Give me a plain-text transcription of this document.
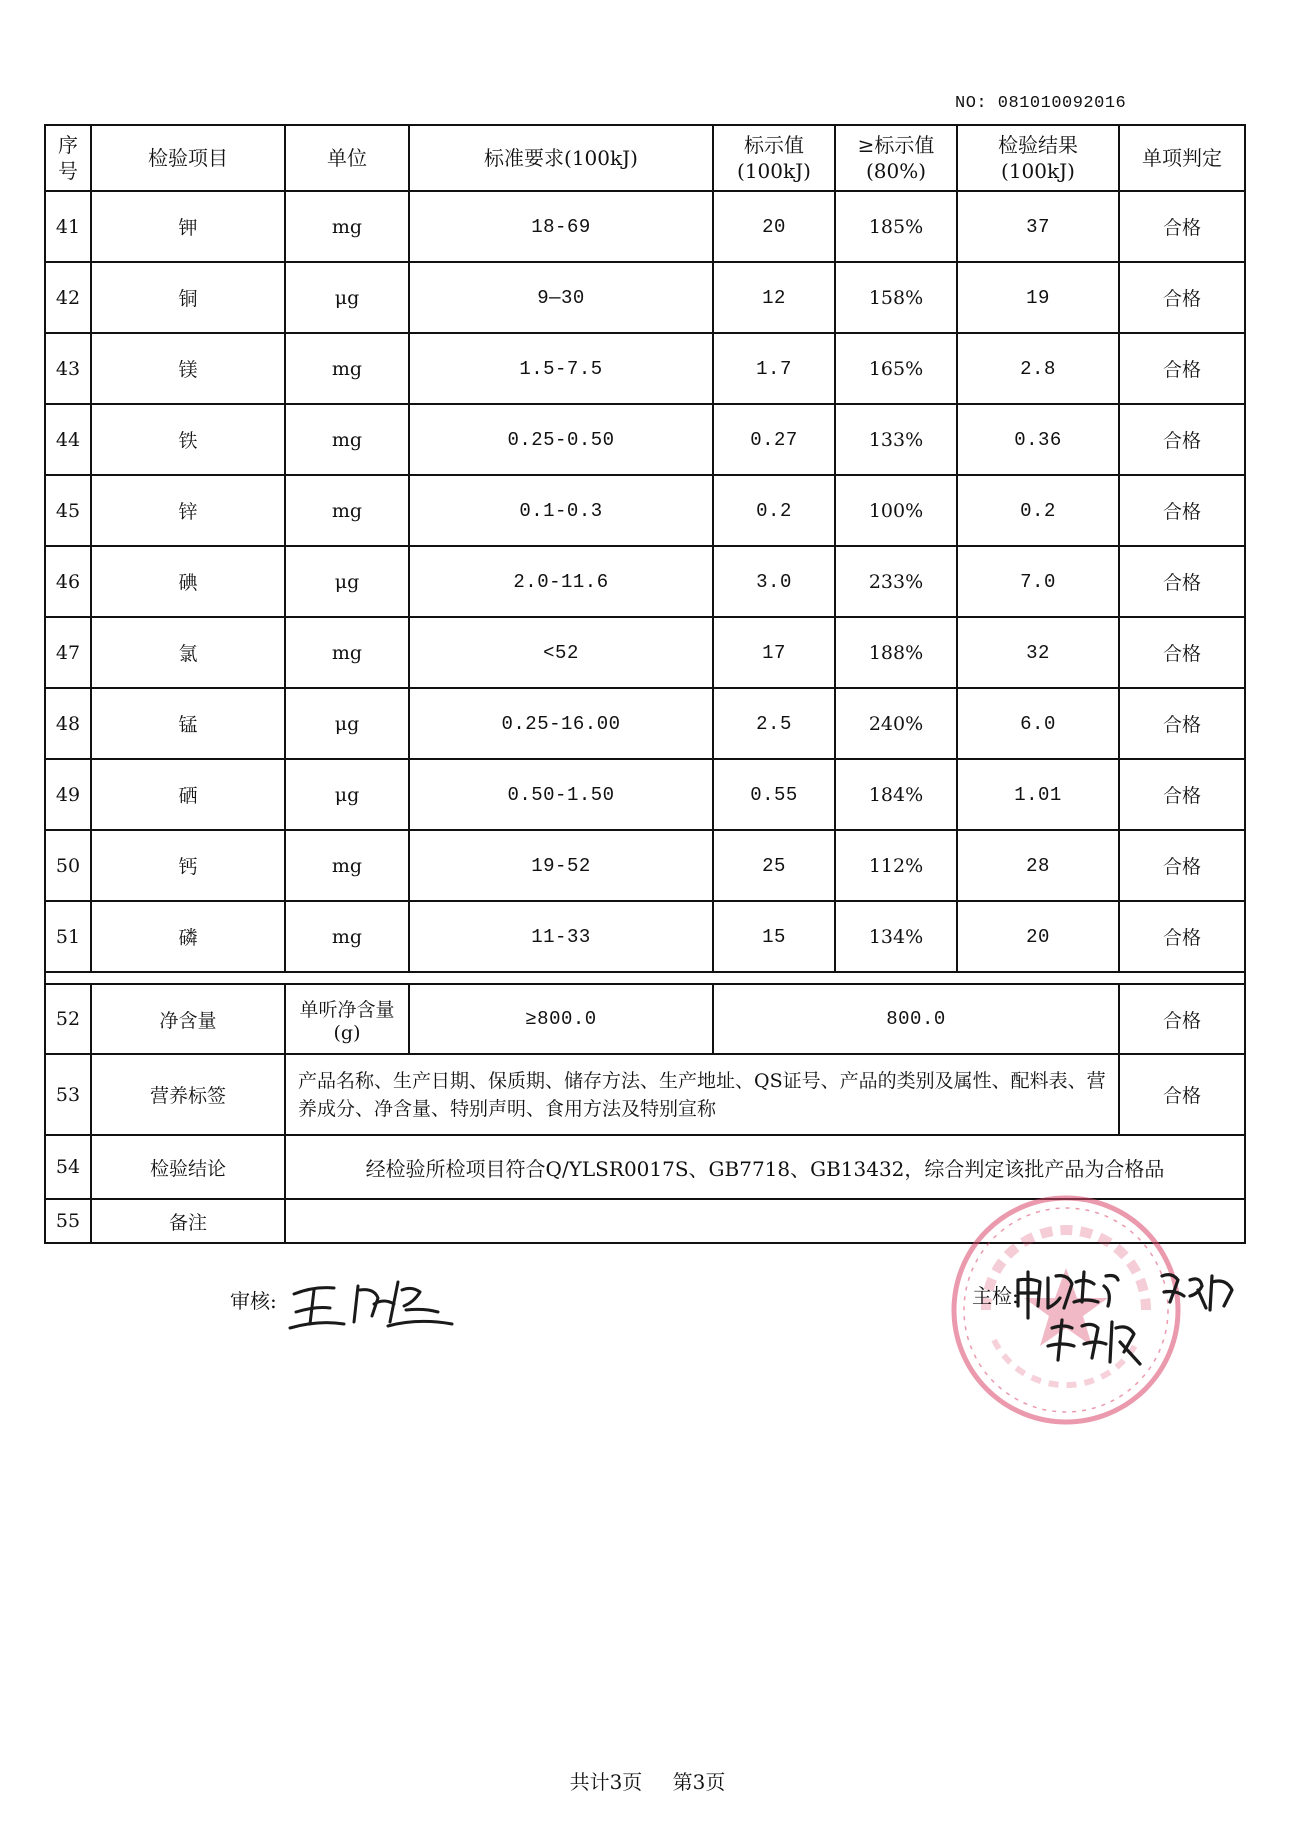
NO: 081010092016
序号	检验项目	单位	标准要求(100kJ)	标示值(100kJ)	≥标示值(80%)	检验结果(100kJ)	单项判定
41	钾	mg	18-69	20	185%	37	合格
42	铜	μg	9—30	12	158%	19	合格
43	镁	mg	1.5-7.5	1.7	165%	2.8	合格
44	铁	mg	0.25-0.50	0.27	133%	0.36	合格
45	锌	mg	0.1-0.3	0.2	100%	0.2	合格
46	碘	μg	2.0-11.6	3.0	233%	7.0	合格
47	氯	mg	<52	17	188%	32	合格
48	锰	μg	0.25-16.00	2.5	240%	6.0	合格
49	硒	μg	0.50-1.50	0.55	184%	1.01	合格
50	钙	mg	19-52	25	112%	28	合格
51	磷	mg	11-33	15	134%	20	合格

52	净含量	单听净含量(g)	≥800.0	800.0			合格
53	营养标签	产品名称、生产日期、保质期、储存方法、生产地址、QS证号、产品的类别及属性、配料表、营养成分、净含量、特别声明、食用方法及特别宣称					合格
54	检验结论	经检验所检项目符合Q/YLSR0017S、GB7718、GB13432，综合判定该批产品为合格品					
55	备注						
审核:	主检:
共计3页 第3页
